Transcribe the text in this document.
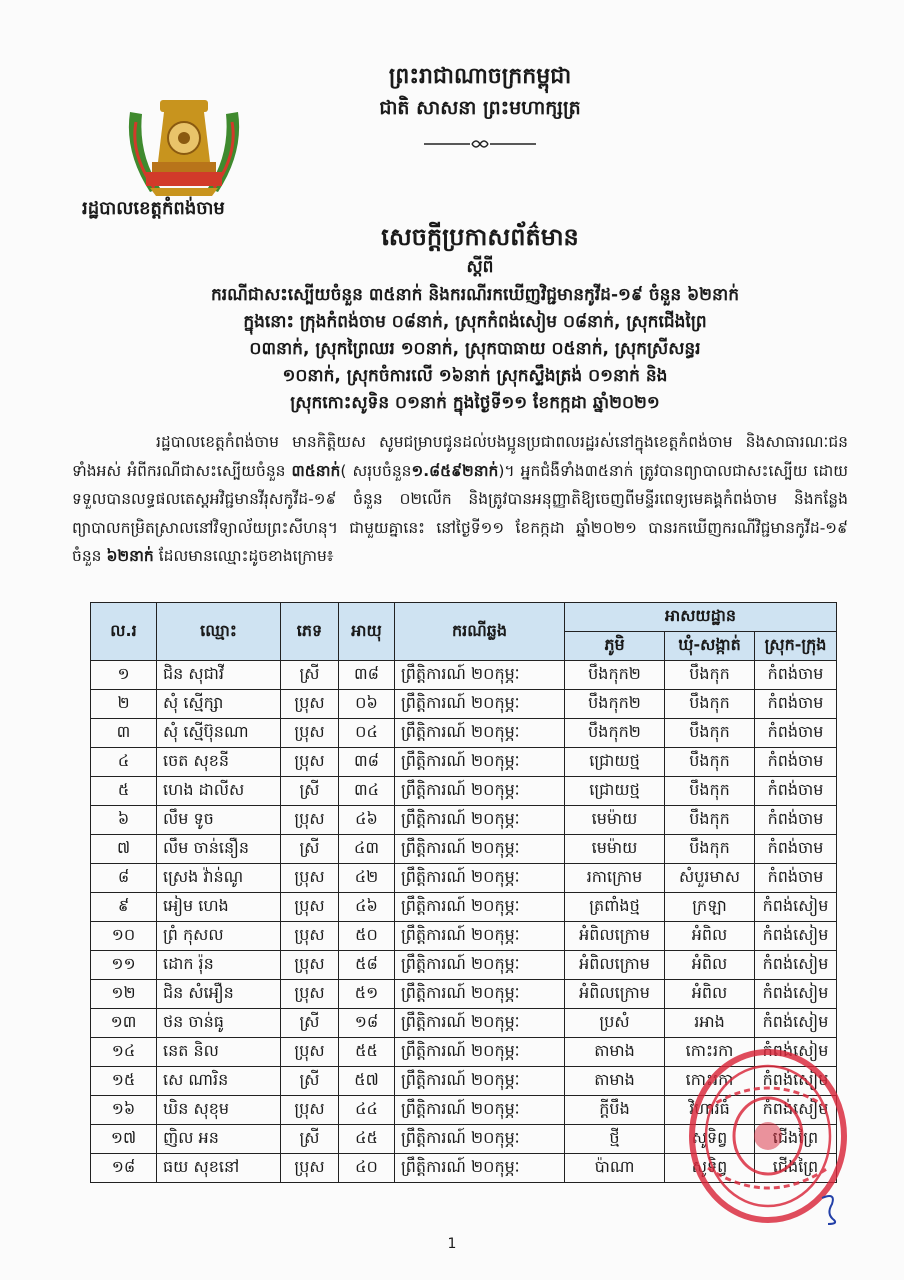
រដ្ឋបាលខេត្តកំពង់ចាម
ព្រះរាជាណាចក្រកម្ពុជា
ជាតិ សាសនា ព្រះមហាក្សត្រ
សេចក្តីប្រកាសព័ត៌មាន
ស្តីពី
ករណីជាសះស្បើយចំនួន ៣៥នាក់ និងករណីរកឃើញវិជ្ជមានកូវីដ-១៩ ចំនួន ៦២នាក់
ក្នុងនោះ ក្រុងកំពង់ចាម ០៨នាក់, ស្រុកកំពង់សៀម ០៨នាក់, ស្រុកជើងព្រៃ
០៣នាក់, ស្រុកព្រៃឈរ ១០នាក់, ស្រុកបាធាយ ០៥នាក់, ស្រុកស្រីសន្ធរ
១០នាក់, ស្រុកចំការលើ ១៦នាក់ ស្រុកស្ទឹងត្រង់ ០១នាក់ និង
ស្រុកកោះសូទិន ០១នាក់ ក្នុងថ្ងៃទី១១ ខែកក្កដា ឆ្នាំ២០២១
រដ្ឋបាលខេត្តកំពង់ចាម មានកិត្តិយស សូមជម្រាបជូនដល់បងប្អូនប្រជាពលរដ្ឋរស់នៅក្នុងខេត្តកំពង់ចាម និងសាធារណៈជនទាំងអស់ អំពីករណីជាសះស្បើយចំនួន ៣៥នាក់( សរុបចំនួន១.៨៥៩២នាក់)។ អ្នកជំងឺទាំង៣៥នាក់ ត្រូវបានព្យាបាលជាសះស្បើយ ដោយទទួលបានលទ្ធផលតេស្តអវិជ្ជមានវីរុសកូវីដ-១៩ ចំនួន ០២លើក និងត្រូវបានអនុញ្ញាតិឱ្យចេញពីមន្ទីរពេទ្យមេគង្គកំពង់ចាម និងកន្លែងព្យាបាលកម្រិតស្រាលនៅវិទ្យាល័យព្រះសីហនុ។ ជាមួយគ្នានេះ នៅថ្ងៃទី១១ ខែកក្កដា ឆ្នាំ២០២១ បានរកឃើញករណីវិជ្ជមានកូវីដ-១៩ ចំនួន ៦២នាក់ ដែលមានឈ្មោះដូចខាងក្រោម៖
ល.រ	ឈ្មោះ	ភេទ	អាយុ	ករណីឆ្លង	អាសយដ្ឋាន		
					ភូមិ	ឃុំ-សង្កាត់	ស្រុក-ក្រុង
១	ជិន សុជាវី	ស្រី	៣៨	ព្រឹត្តិការណ៍ ២០កុម្ភៈ	បឹងកុក២	បឹងកុក	កំពង់ចាម
២	សុំ ស្មើក្សា	ប្រុស	០៦	ព្រឹត្តិការណ៍ ២០កុម្ភៈ	បឹងកុក២	បឹងកុក	កំពង់ចាម
៣	សុំ ស្មើប៊ុនណា	ប្រុស	០៤	ព្រឹត្តិការណ៍ ២០កុម្ភៈ	បឹងកុក២	បឹងកុក	កំពង់ចាម
៤	ចេត សុខនី	ប្រុស	៣៨	ព្រឹត្តិការណ៍ ២០កុម្ភៈ	ជ្រោយថ្ម	បឹងកុក	កំពង់ចាម
៥	ហេង ដាលីស	ស្រី	៣៤	ព្រឹត្តិការណ៍ ២០កុម្ភៈ	ជ្រោយថ្ម	បឹងកុក	កំពង់ចាម
៦	លឹម ទូច	ប្រុស	៤៦	ព្រឹត្តិការណ៍ ២០កុម្ភៈ	មេម៉ាយ	បឹងកុក	កំពង់ចាម
៧	លឹម ចាន់នឿន	ស្រី	៤៣	ព្រឹត្តិការណ៍ ២០កុម្ភៈ	មេម៉ាយ	បឹងកុក	កំពង់ចាម
៨	ស្រេង វ៉ាន់ណូ	ប្រុស	៤២	ព្រឹត្តិការណ៍ ២០កុម្ភៈ	រកាក្រោម	សំបួរមាស	កំពង់ចាម
៩	អៀម ហេង	ប្រុស	៤៦	ព្រឹត្តិការណ៍ ២០កុម្ភៈ	ត្រពាំងថ្ម	ក្រឡា	កំពង់សៀម
១០	ព្រំ កុសល	ប្រុស	៥០	ព្រឹត្តិការណ៍ ២០កុម្ភៈ	អំពិលក្រោម	អំពិល	កំពង់សៀម
១១	ដោក រ៉ុន	ប្រុស	៥៨	ព្រឹត្តិការណ៍ ២០កុម្ភៈ	អំពិលក្រោម	អំពិល	កំពង់សៀម
១២	ជិន សំអឿន	ប្រុស	៥១	ព្រឹត្តិការណ៍ ២០កុម្ភៈ	អំពិលក្រោម	អំពិល	កំពង់សៀម
១៣	ថន ចាន់ធូ	ស្រី	១៨	ព្រឹត្តិការណ៍ ២០កុម្ភៈ	ប្រសំ	រអាង	កំពង់សៀម
១៤	នេត និល	ប្រុស	៥៥	ព្រឹត្តិការណ៍ ២០កុម្ភៈ	តាមាង	កោះរកា	កំពង់សៀម
១៥	សេ ណារិន	ស្រី	៥៧	ព្រឹត្តិការណ៍ ២០កុម្ភៈ	តាមាង	កោះរកា	កំពង់សៀម
១៦	ឃិន សុខុម	ប្រុស	៤៤	ព្រឹត្តិការណ៍ ២០កុម្ភៈ	ក្ដីបឹង	វិហារធំ	កំពង់សៀម
១៧	ញិល អន	ស្រី	៤៥	ព្រឹត្តិការណ៍ ២០កុម្ភៈ	ថ្មី	សូទិព្វ	ជើងព្រៃ
១៨	ធយ សុខនៅ	ប្រុស	៤០	ព្រឹត្តិការណ៍ ២០កុម្ភៈ	ប៉ាណា	សូទិព្វ	ជើងព្រៃ
1
